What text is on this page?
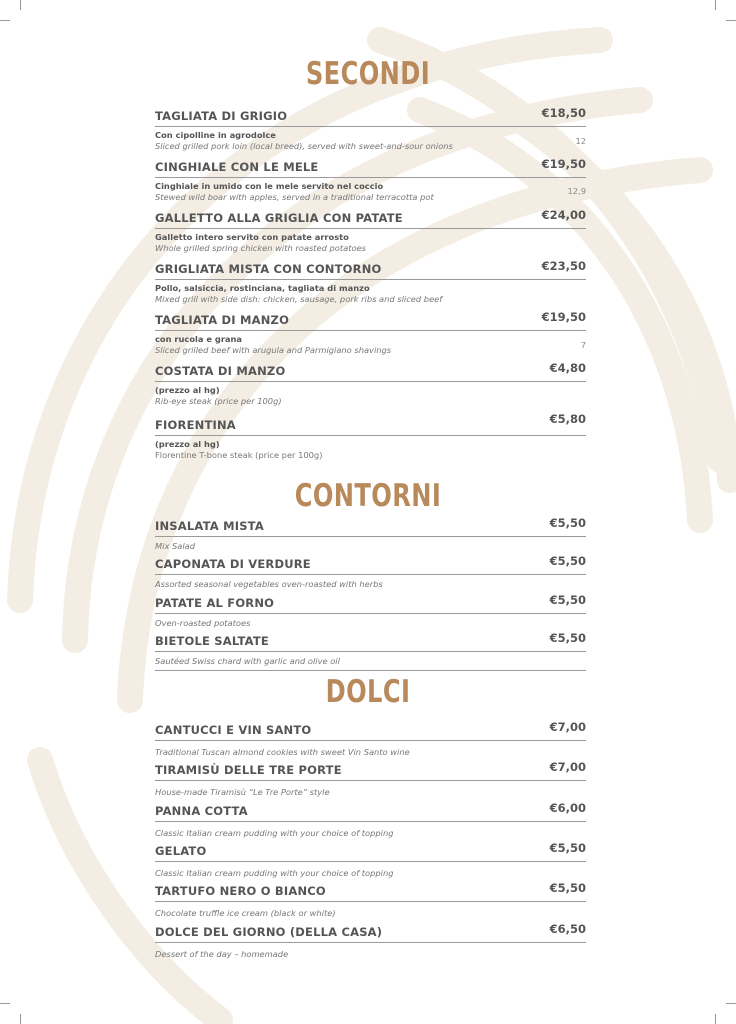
SECONDI
TAGLIATA DI GRIGIO	€18,50
Con cipolline in agrodolce
Sliced grilled pork loin (local breed), served with sweet-and-sour onions	12
CINGHIALE CON LE MELE	€19,50
Cinghiale in umido con le mele servito nel coccio
Stewed wild boar with apples, served in a traditional terracotta pot
12,9
GALLETTO ALLA GRIGLIA CON PATATE	€24,00
Galletto intero servito con patate arrosto
Whole grilled spring chicken with roasted potatoes
GRIGLIATA MISTA CON CONTORNO	€23,50
Pollo, salsiccia, rostinciana, tagliata di manzo
Mixed grill with side dish: chicken, sausage, pork ribs and sliced beef
TAGLIATA DI MANZO	€19,50
con rucola e grana
Sliced grilled beef with arugula and Parmigiano shavings	7
COSTATA DI MANZO	€4,80
(prezzo al hg)
Rib-eye steak (price per 100g)
FIORENTINA	€5,80
(prezzo al hg)
Florentine T-bone steak (price per 100g)
CONTORNI
INSALATA MISTA	€5,50
Mix Salad
CAPONATA DI VERDURE	€5,50
Assorted seasonal vegetables oven-roasted with herbs
PATATE AL FORNO	€5,50
Oven-roasted potatoes
BIETOLE SALTATE	€5,50
Sautéed Swiss chard with garlic and olive oil
DOLCI
CANTUCCI E VIN SANTO	€7,00
Traditional Tuscan almond cookies with sweet Vin Santo wine
TIRAMISÙ DELLE TRE PORTE	€7,00
House-made Tiramisù “Le Tre Porte” style
PANNA COTTA	€6,00
Classic Italian cream pudding with your choice of topping
GELATO	€5,50
Classic Italian cream pudding with your choice of topping
TARTUFO NERO O BIANCO	€5,50
Chocolate truffle ice cream (black or white)
DOLCE DEL GIORNO (DELLA CASA)	€6,50
Dessert of the day – homemade
